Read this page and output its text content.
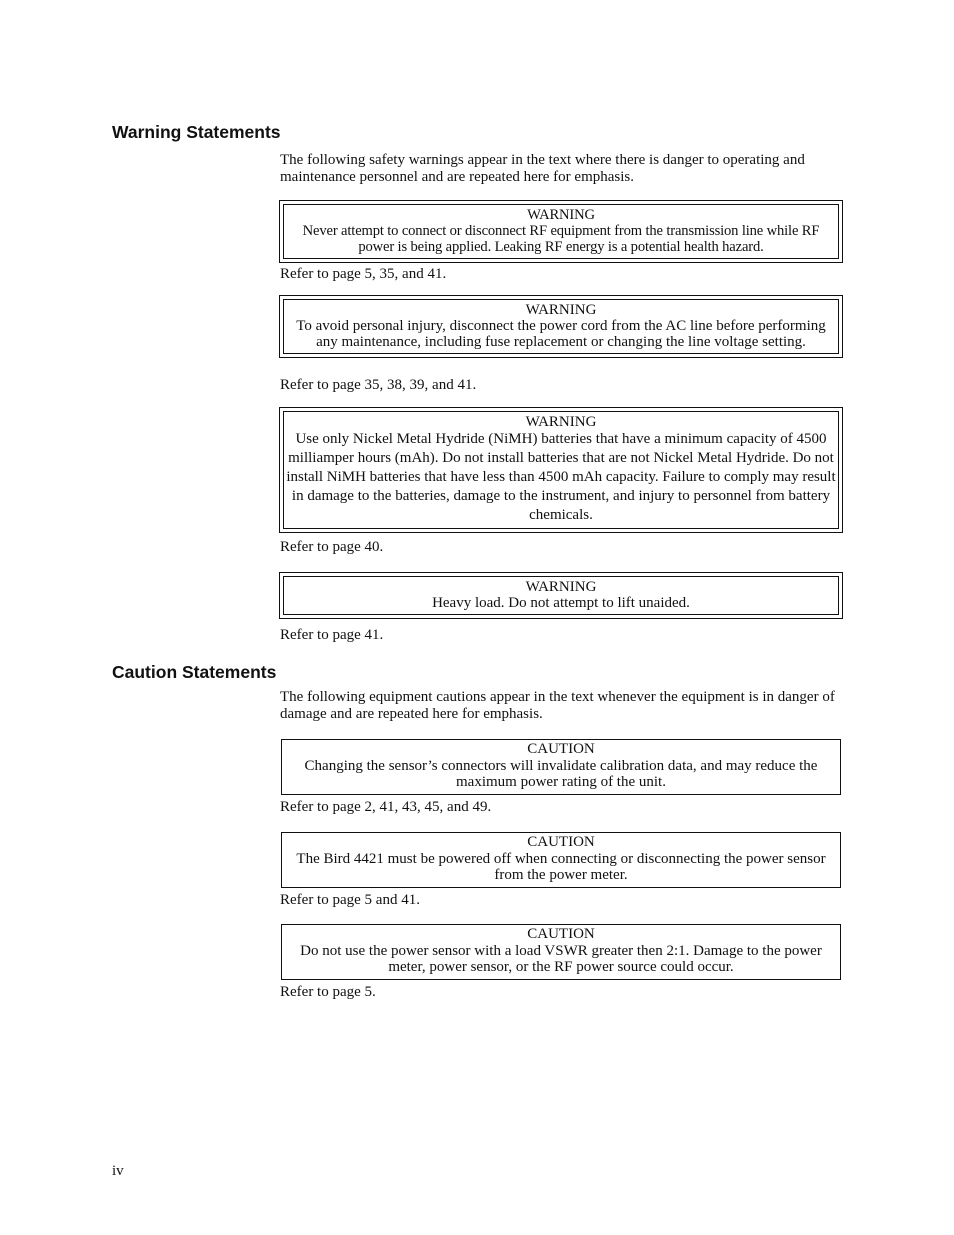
Warning Statements

The following safety warnings appear in the text where there is danger to operating and maintenance personnel and are repeated here for emphasis.

WARNING
Never attempt to connect or disconnect RF equipment from the transmission line while RF power is being applied. Leaking RF energy is a potential health hazard.

Refer to page 5, 35, and 41.

WARNING
To avoid personal injury, disconnect the power cord from the AC line before performing any maintenance, including fuse replacement or changing the line voltage setting.

Refer to page 35, 38, 39, and 41.

WARNING
Use only Nickel Metal Hydride (NiMH) batteries that have a minimum capacity of 4500 milliamper hours (mAh). Do not install batteries that are not Nickel Metal Hydride. Do not install NiMH batteries that have less than 4500 mAh capacity. Failure to comply may result in damage to the batteries, damage to the instrument, and injury to personnel from battery chemicals.

Refer to page 40.

WARNING
Heavy load. Do not attempt to lift unaided.

Refer to page 41.

Caution Statements

The following equipment cautions appear in the text whenever the equipment is in danger of damage and are repeated here for emphasis.

CAUTION
Changing the sensor’s connectors will invalidate calibration data, and may reduce the maximum power rating of the unit.

Refer to page 2, 41, 43, 45, and 49.

CAUTION
The Bird 4421 must be powered off when connecting or disconnecting the power sensor from the power meter.

Refer to page 5 and 41.

CAUTION
Do not use the power sensor with a load VSWR greater then 2:1. Damage to the power meter, power sensor, or the RF power source could occur.

Refer to page 5.

iv
